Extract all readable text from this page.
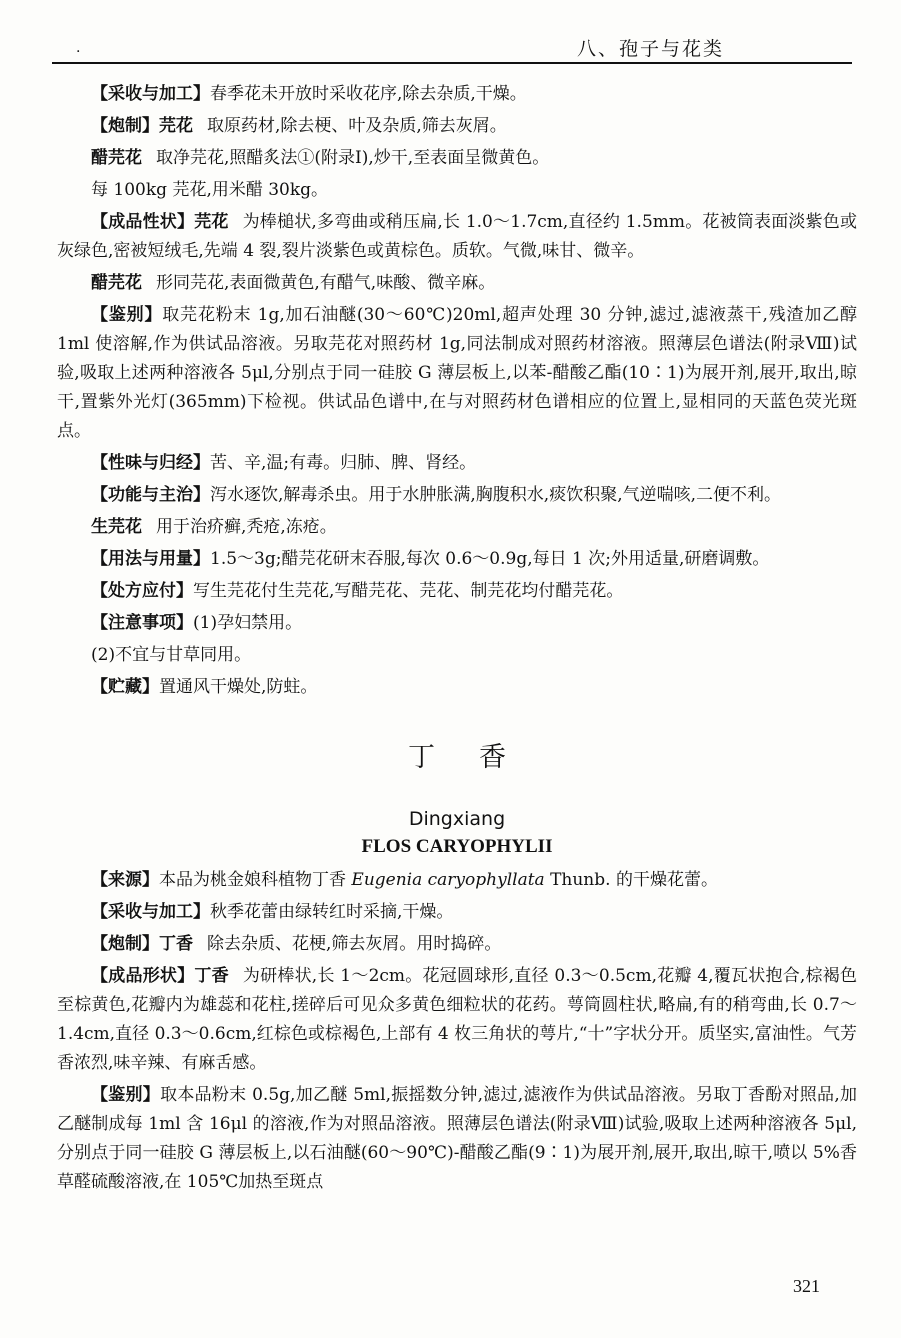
.	八、孢子与花类

【采收与加工】春季花未开放时采收花序,除去杂质,干燥。

【炮制】芫花 取原药材,除去梗、叶及杂质,筛去灰屑。

醋芫花 取净芫花,照醋炙法①(附录Ⅰ),炒干,至表面呈微黄色。

每 100kg 芫花,用米醋 30kg。

【成品性状】芫花 为棒槌状,多弯曲或稍压扁,长 1.0～1.7cm,直径约 1.5mm。花被筒表面淡紫色或灰绿色,密被短绒毛,先端 4 裂,裂片淡紫色或黄棕色。质软。气微,味甘、微辛。

醋芫花 形同芫花,表面微黄色,有醋气,味酸、微辛麻。

【鉴别】取芫花粉末 1g,加石油醚(30～60℃)20ml,超声处理 30 分钟,滤过,滤液蒸干,残渣加乙醇 1ml 使溶解,作为供试品溶液。另取芫花对照药材 1g,同法制成对照药材溶液。照薄层色谱法(附录Ⅷ)试验,吸取上述两种溶液各 5μl,分别点于同一硅胶 G 薄层板上,以苯-醋酸乙酯(10∶1)为展开剂,展开,取出,晾干,置紫外光灯(365mm)下检视。供试品色谱中,在与对照药材色谱相应的位置上,显相同的天蓝色荧光斑点。

【性味与归经】苦、辛,温;有毒。归肺、脾、肾经。

【功能与主治】泻水逐饮,解毒杀虫。用于水肿胀满,胸腹积水,痰饮积聚,气逆喘咳,二便不利。

生芫花 用于治疥癣,秃疮,冻疮。

【用法与用量】1.5～3g;醋芫花研末吞服,每次 0.6～0.9g,每日 1 次;外用适量,研磨调敷。

【处方应付】写生芫花付生芫花,写醋芫花、芫花、制芫花均付醋芫花。

【注意事项】(1)孕妇禁用。

(2)不宜与甘草同用。

【贮藏】置通风干燥处,防蛀。

丁香
Dingxiang
FLOS CARYOPHYLII

【来源】本品为桃金娘科植物丁香 Eugenia caryophyllata Thunb. 的干燥花蕾。

【采收与加工】秋季花蕾由绿转红时采摘,干燥。

【炮制】丁香 除去杂质、花梗,筛去灰屑。用时捣碎。

【成品形状】丁香 为研棒状,长 1～2cm。花冠圆球形,直径 0.3～0.5cm,花瓣 4,覆瓦状抱合,棕褐色至棕黄色,花瓣内为雄蕊和花柱,搓碎后可见众多黄色细粒状的花药。萼筒圆柱状,略扁,有的稍弯曲,长 0.7～1.4cm,直径 0.3～0.6cm,红棕色或棕褐色,上部有 4 枚三角状的萼片,“十”字状分开。质坚实,富油性。气芳香浓烈,味辛辣、有麻舌感。

【鉴别】取本品粉末 0.5g,加乙醚 5ml,振摇数分钟,滤过,滤液作为供试品溶液。另取丁香酚对照品,加乙醚制成每 1ml 含 16μl 的溶液,作为对照品溶液。照薄层色谱法(附录Ⅷ)试验,吸取上述两种溶液各 5μl,分别点于同一硅胶 G 薄层板上,以石油醚(60～90℃)-醋酸乙酯(9∶1)为展开剂,展开,取出,晾干,喷以 5%香草醛硫酸溶液,在 105℃加热至斑点

321
